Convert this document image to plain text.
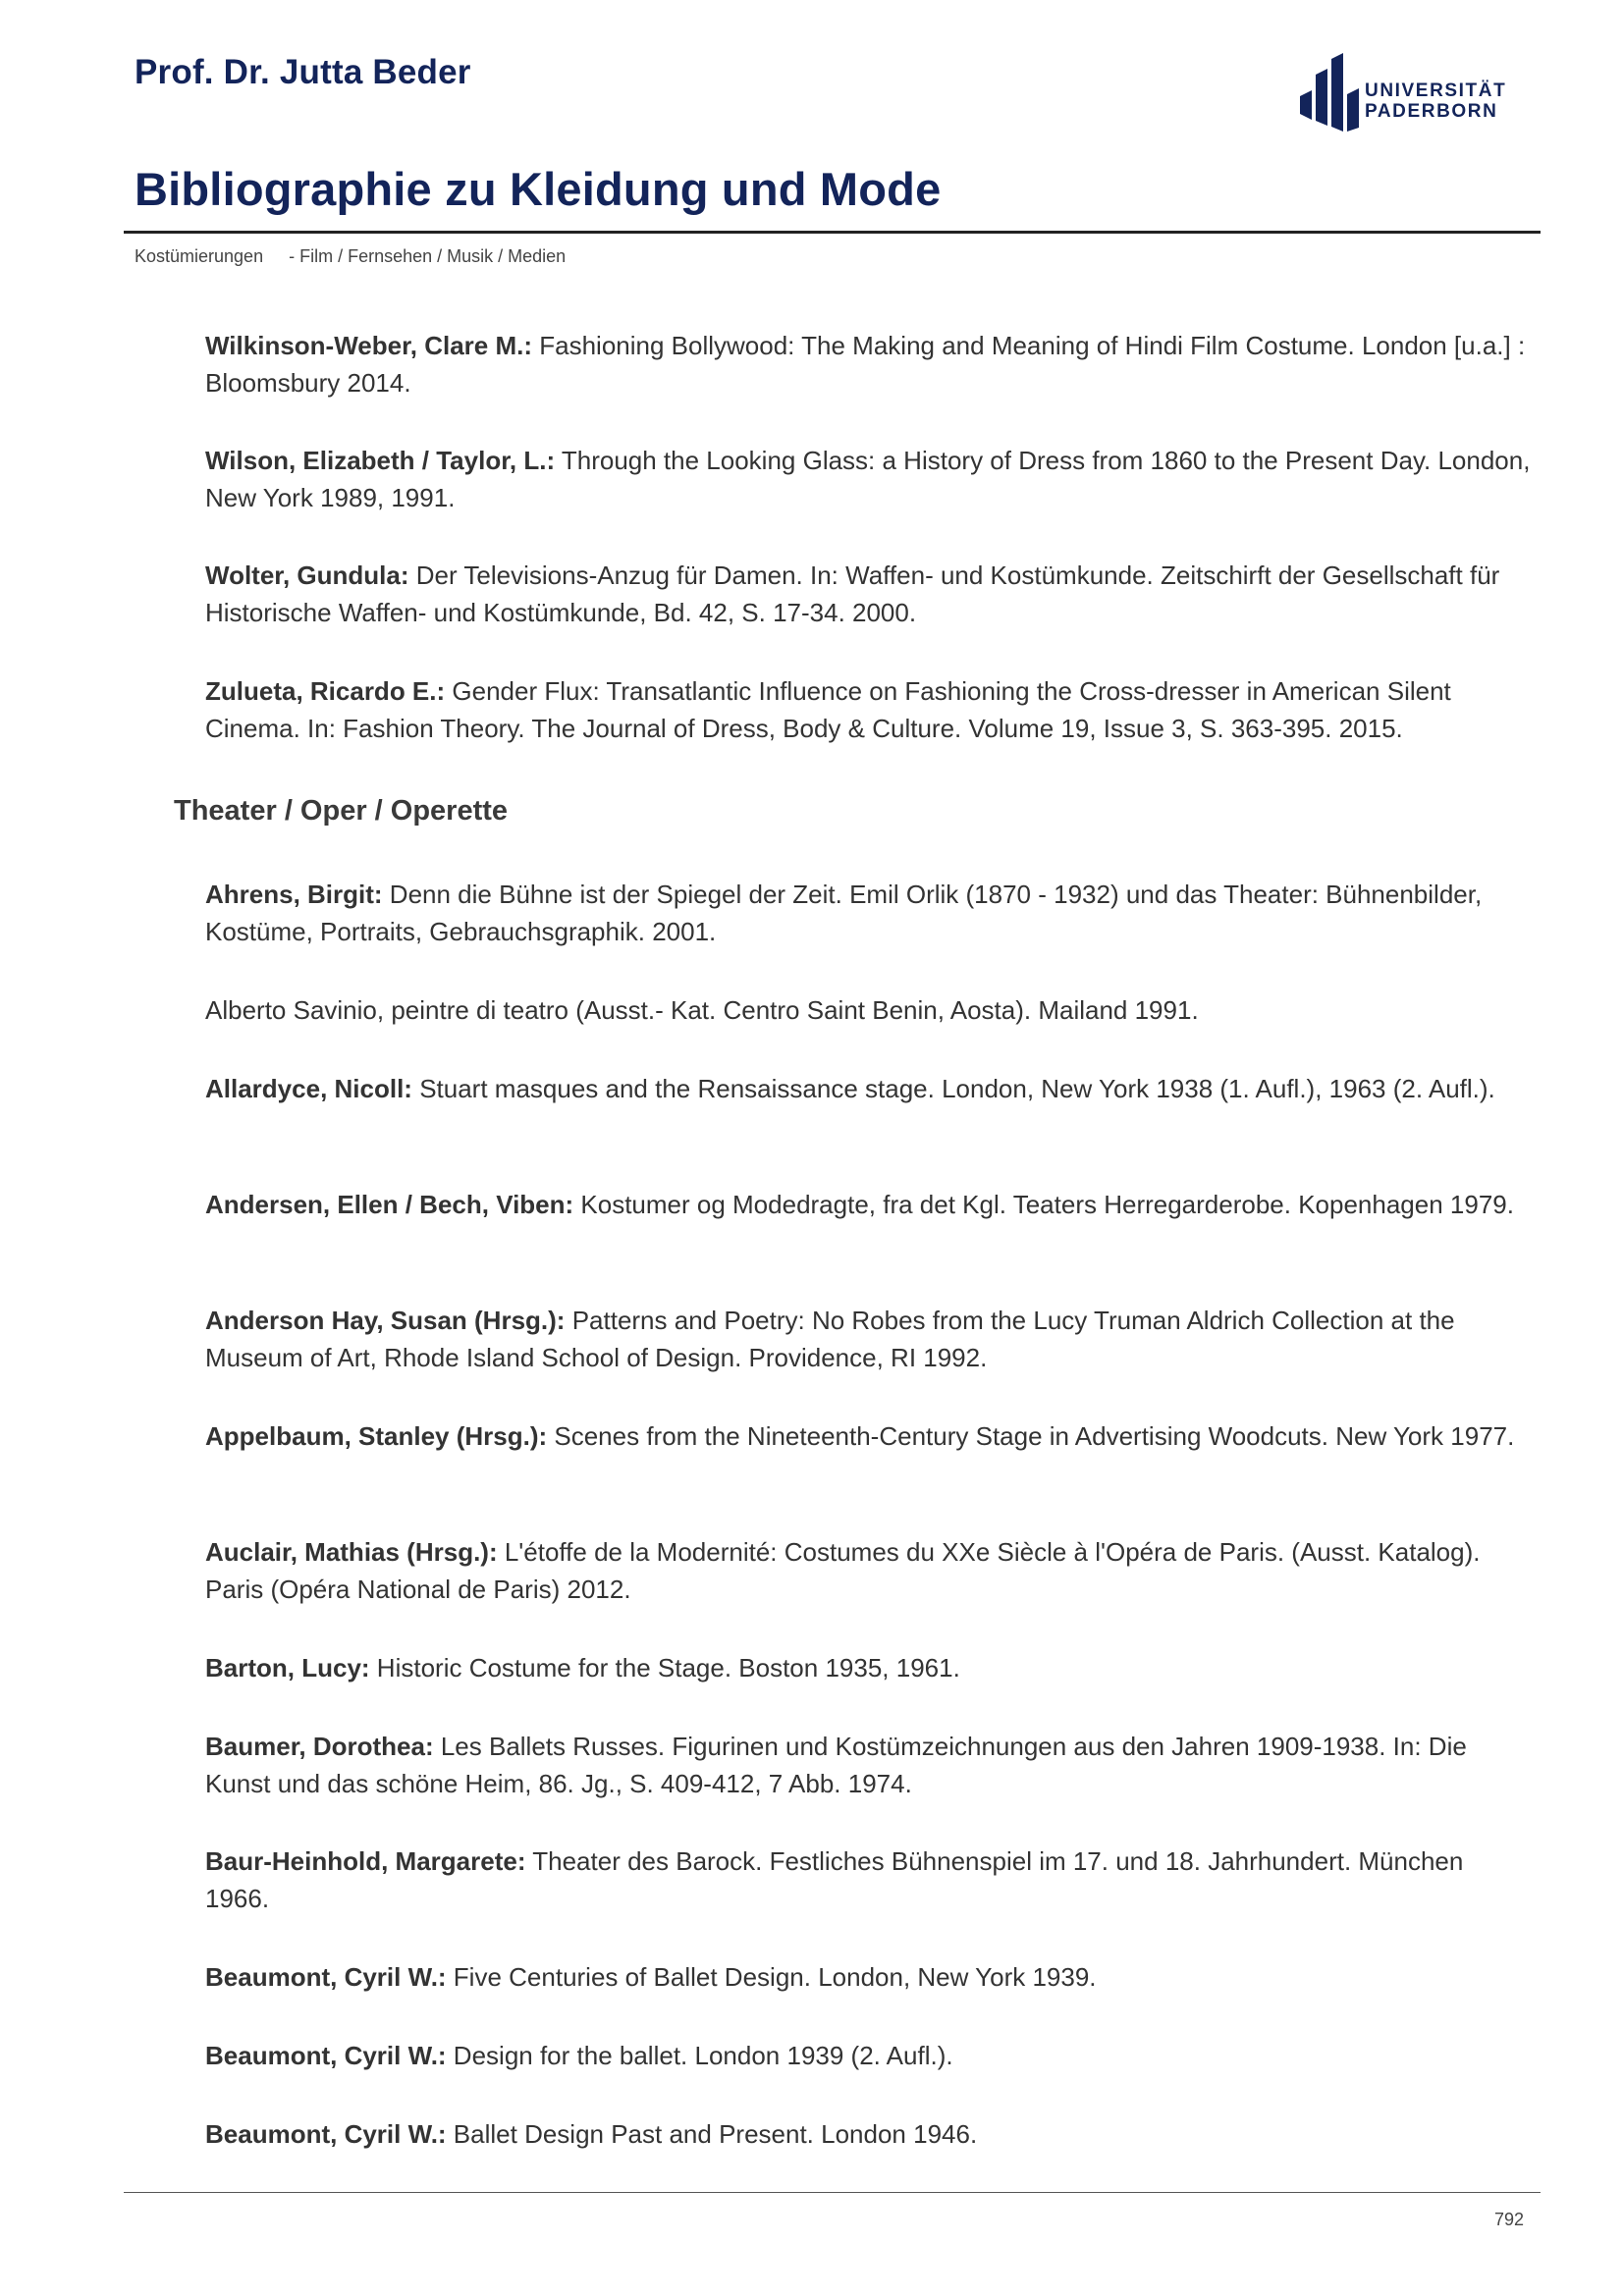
Prof. Dr. Jutta Beder	UNIVERSITÄT
PADERBORN
Bibliographie zu Kleidung und Mode
Kostümierungen - Film / Fernsehen / Musik / Medien
Wilkinson-Weber, Clare M.: Fashioning Bollywood: The Making and Meaning of Hindi Film Costume. London [u.a.] : Bloomsbury 2014.
Wilson, Elizabeth / Taylor, L.: Through the Looking Glass: a History of Dress from 1860 to the Present Day. London, New York 1989, 1991.
Wolter, Gundula: Der Televisions-Anzug für Damen. In: Waffen- und Kostümkunde. Zeitschirft der Gesellschaft für Historische Waffen- und Kostümkunde, Bd. 42, S. 17-34. 2000.
Zulueta, Ricardo E.: Gender Flux: Transatlantic Influence on Fashioning the Cross-dresser in American Silent Cinema. In: Fashion Theory. The Journal of Dress, Body & Culture. Volume 19, Issue 3, S. 363-395. 2015.
Theater / Oper / Operette
Ahrens, Birgit: Denn die Bühne ist der Spiegel der Zeit. Emil Orlik (1870 - 1932) und das Theater: Bühnenbilder, Kostüme, Portraits, Gebrauchsgraphik. 2001.
Alberto Savinio, peintre di teatro (Ausst.- Kat. Centro Saint Benin, Aosta). Mailand 1991.
Allardyce, Nicoll: Stuart masques and the Rensaissance stage. London, New York 1938 (1. Aufl.), 1963 (2. Aufl.).
Andersen, Ellen / Bech, Viben: Kostumer og Modedragte, fra det Kgl. Teaters Herregarderobe. Kopenhagen 1979.
Anderson Hay, Susan (Hrsg.): Patterns and Poetry: No Robes from the Lucy Truman Aldrich Collection at the Museum of Art, Rhode Island School of Design. Providence, RI 1992.
Appelbaum, Stanley (Hrsg.): Scenes from the Nineteenth-Century Stage in Advertising Woodcuts. New York 1977.
Auclair, Mathias (Hrsg.): L'étoffe de la Modernité: Costumes du XXe Siècle à l'Opéra de Paris. (Ausst. Katalog). Paris (Opéra National de Paris) 2012.
Barton, Lucy: Historic Costume for the Stage. Boston 1935, 1961.
Baumer, Dorothea: Les Ballets Russes. Figurinen und Kostümzeichnungen aus den Jahren 1909-1938. In: Die Kunst und das schöne Heim, 86. Jg., S. 409-412, 7 Abb. 1974.
Baur-Heinhold, Margarete: Theater des Barock. Festliches Bühnenspiel im 17. und 18. Jahrhundert. München 1966.
Beaumont, Cyril W.: Five Centuries of Ballet Design. London, New York 1939.
Beaumont, Cyril W.: Design for the ballet. London 1939 (2. Aufl.).
Beaumont, Cyril W.: Ballet Design Past and Present. London 1946.
792
